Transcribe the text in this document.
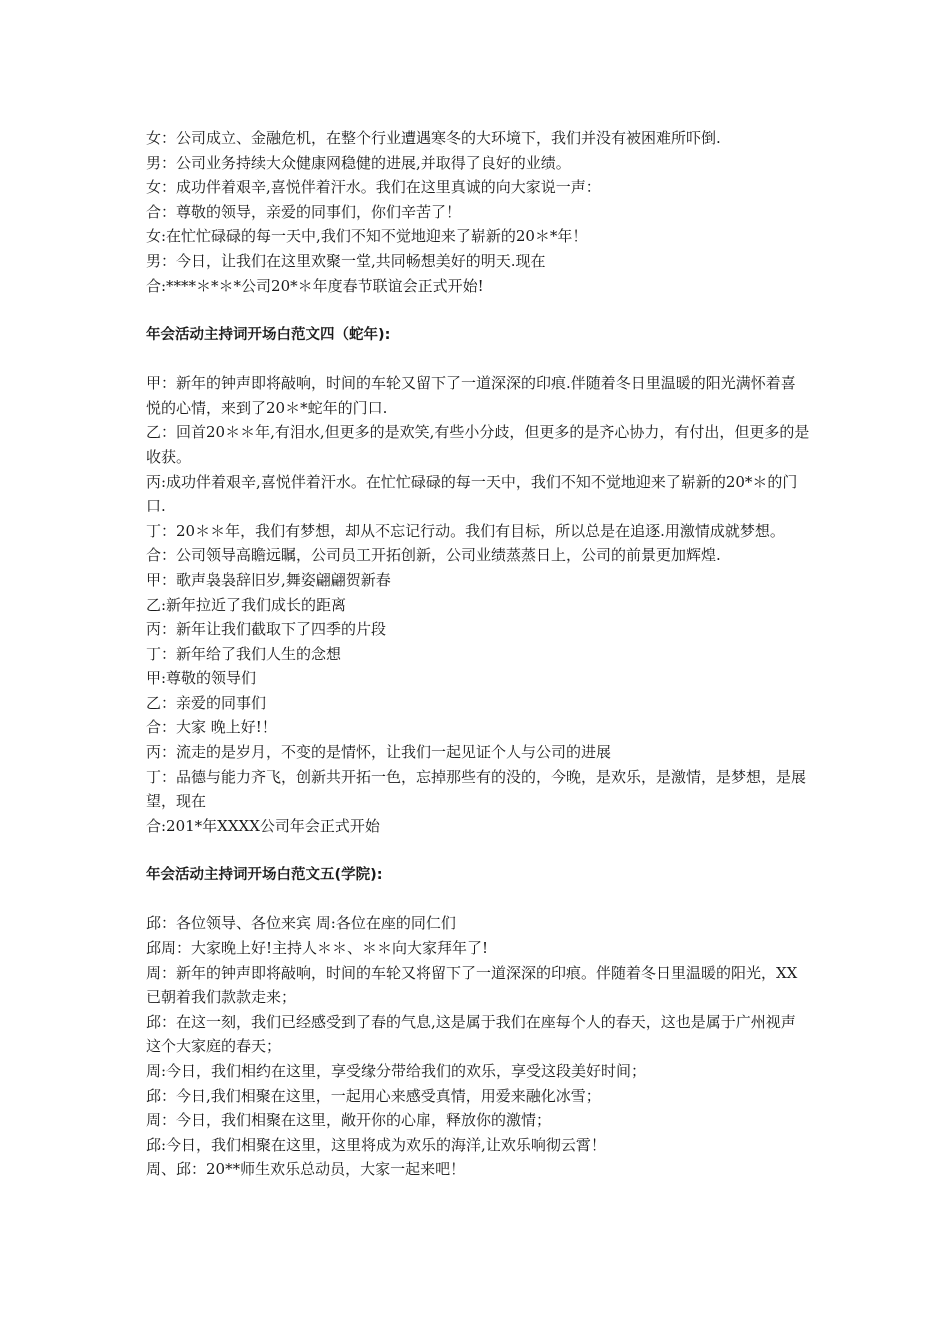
女：公司成立、金融危机，在整个行业遭遇寒冬的大环境下，我们并没有被困难所吓倒.
男：公司业务持续大众健康网稳健的进展,并取得了良好的业绩。
女：成功伴着艰辛,喜悦伴着汗水。我们在这里真诚的向大家说一声：
合：尊敬的领导，亲爱的同事们，你们辛苦了！
女:在忙忙碌碌的每一天中,我们不知不觉地迎来了崭新的20＊*年！
男：今日，让我们在这里欢聚一堂,共同畅想美好的明天.现在
合:****＊*＊*公司20*＊年度春节联谊会正式开始!
年会活动主持词开场白范文四（蛇年):
甲：新年的钟声即将敲响，时间的车轮又留下了一道深深的印痕.伴随着冬日里温暖的阳光满怀着喜悦的心情，来到了20＊*蛇年的门口.
乙：回首20＊＊年,有泪水,但更多的是欢笑,有些小分歧，但更多的是齐心协力，有付出，但更多的是收获。
丙:成功伴着艰辛,喜悦伴着汗水。在忙忙碌碌的每一天中，我们不知不觉地迎来了崭新的20*＊的门口.
丁：20＊＊年，我们有梦想，却从不忘记行动。我们有目标，所以总是在追逐.用激情成就梦想。
合：公司领导高瞻远瞩，公司员工开拓创新，公司业绩蒸蒸日上，公司的前景更加辉煌.
甲：歌声袅袅辞旧岁,舞姿翩翩贺新春
乙:新年拉近了我们成长的距离
丙：新年让我们截取下了四季的片段
丁：新年给了我们人生的念想
甲:尊敬的领导们
乙：亲爱的同事们
合：大家 晚上好!！
丙：流走的是岁月，不变的是情怀，让我们一起见证个人与公司的进展
丁：品德与能力齐飞，创新共开拓一色，忘掉那些有的没的，今晚，是欢乐，是激情，是梦想，是展望，现在
合:201*年XXXX公司年会正式开始
年会活动主持词开场白范文五(学院):
邱：各位领导、各位来宾 周:各位在座的同仁们
邱周：大家晚上好!主持人＊＊、＊＊向大家拜年了!
周：新年的钟声即将敲响，时间的车轮又将留下了一道深深的印痕。伴随着冬日里温暖的阳光，XX已朝着我们款款走来；
邱：在这一刻，我们已经感受到了春的气息,这是属于我们在座每个人的春天，这也是属于广州视声这个大家庭的春天；
周:今日，我们相约在这里，享受缘分带给我们的欢乐，享受这段美好时间；
邱：今日,我们相聚在这里，一起用心来感受真情，用爱来融化冰雪；
周：今日，我们相聚在这里，敞开你的心扉，释放你的激情；
邱:今日，我们相聚在这里，这里将成为欢乐的海洋,让欢乐响彻云霄！
周、邱：20**师生欢乐总动员，大家一起来吧！
